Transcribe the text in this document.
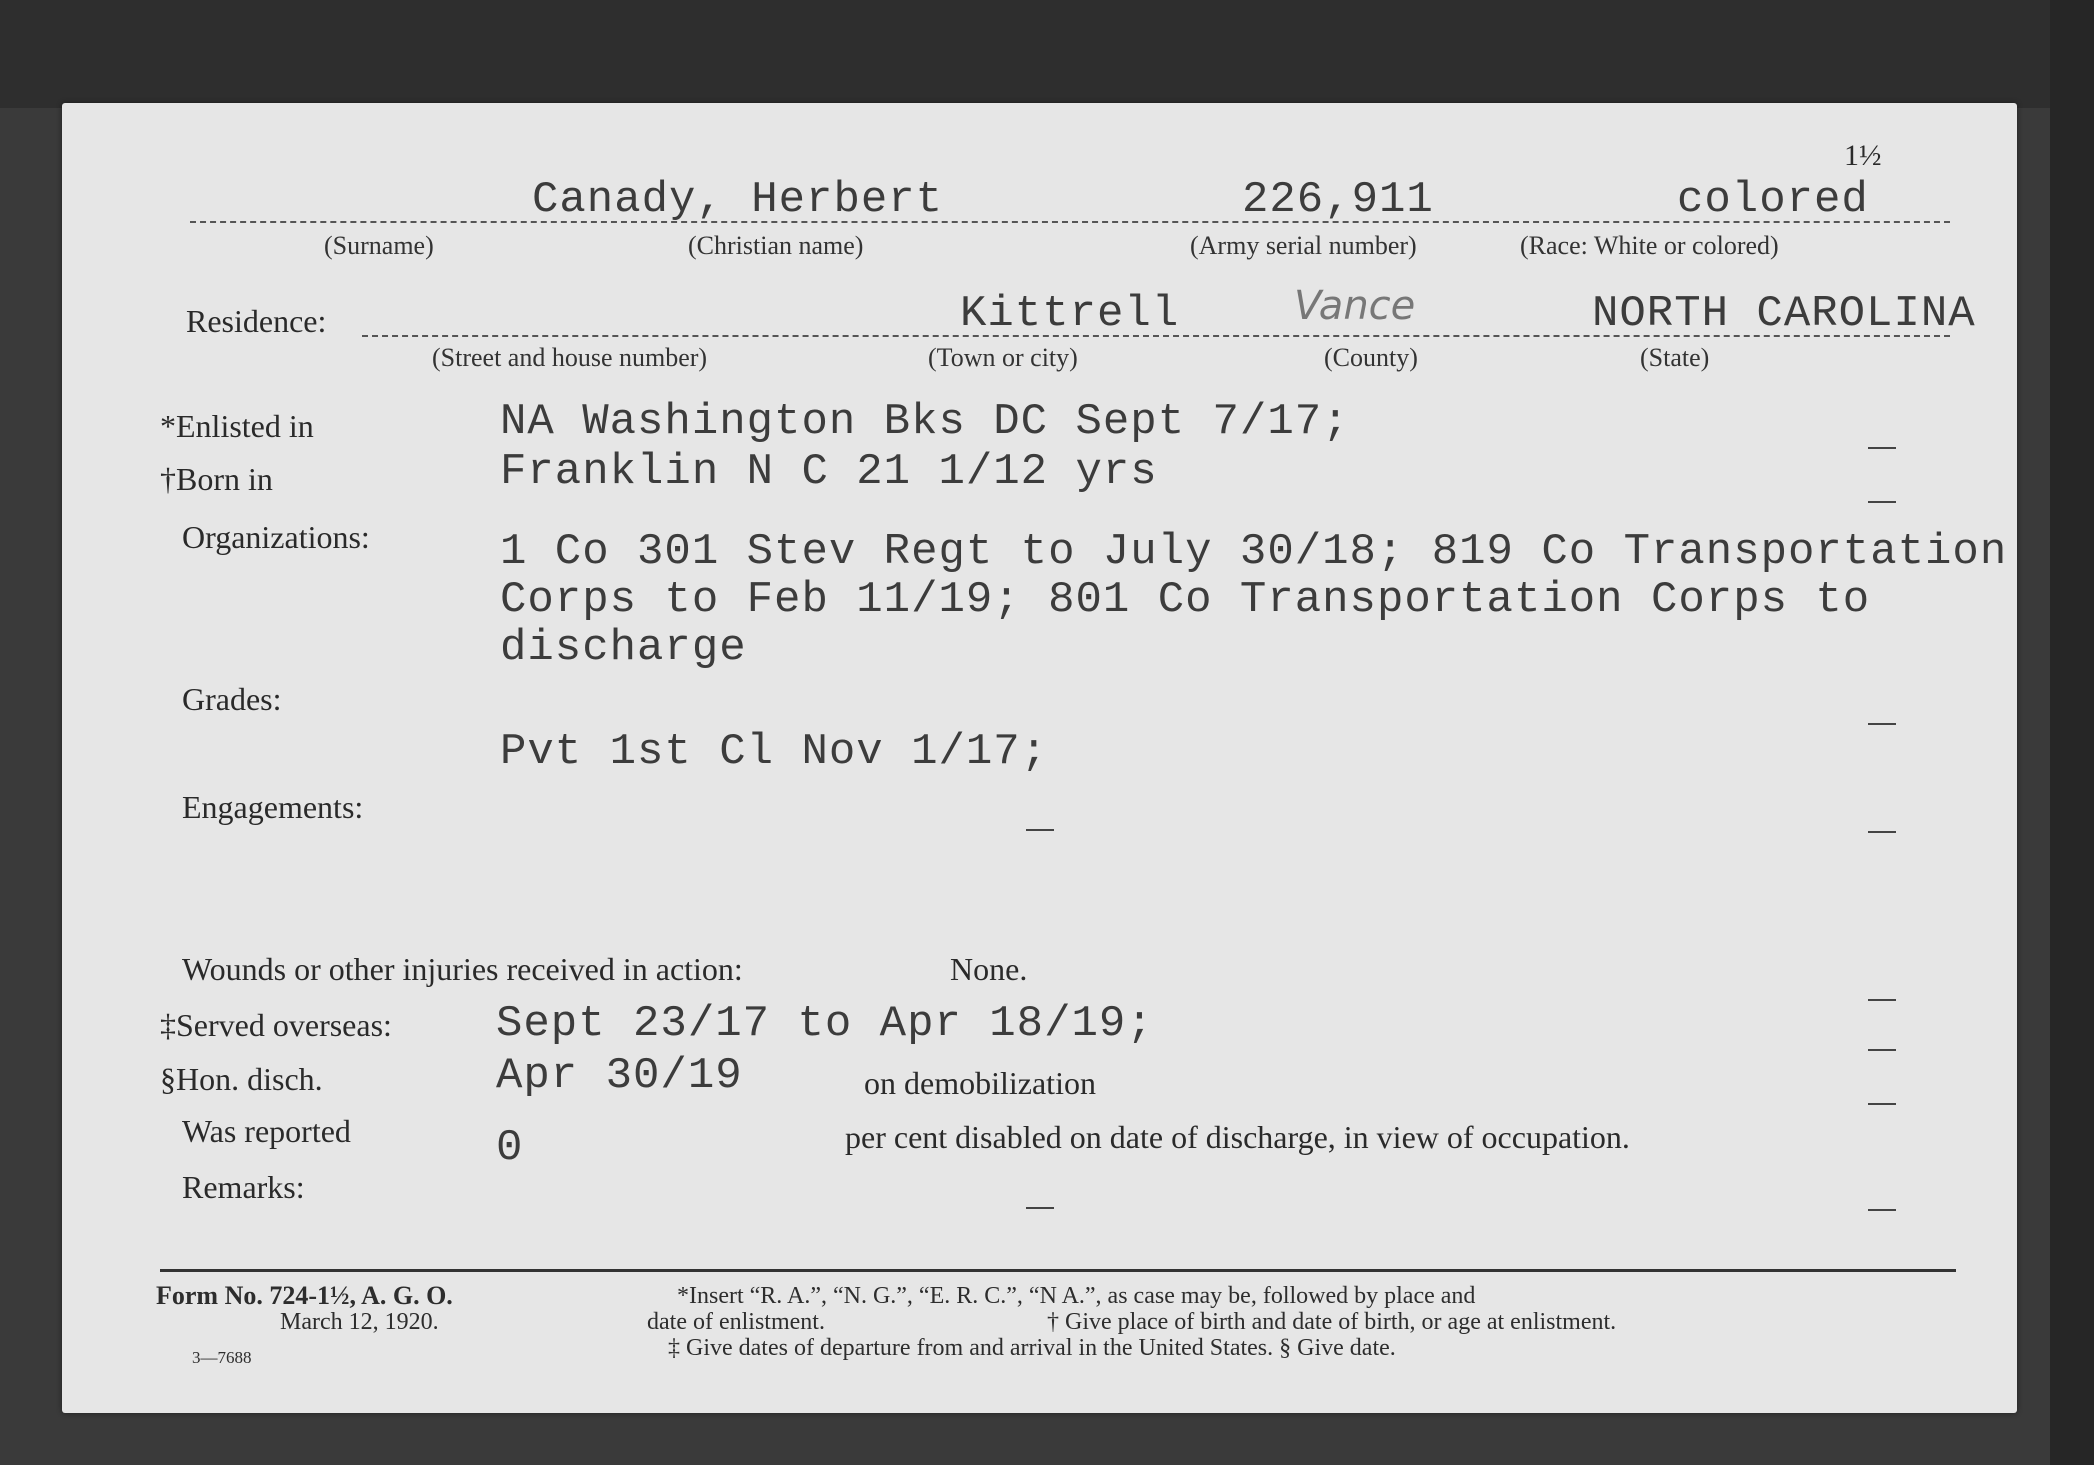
1½
Canady, Herbert	226,911	colored
(Surname)	(Christian name)	(Army serial number)	(Race: White or colored)
Residence:	Kittrell	Vance	NORTH CAROLINA
(Street and house number)	(Town or city)	(County)	(State)
*Enlisted in	NA Washington Bks DC Sept 7/17;
†Born in	Franklin N C 21 1/12 yrs
Organizations:	1 Co 301 Stev Regt to July 30/18; 819 Co Transportation
Corps to Feb 11/19; 801 Co Transportation Corps to
discharge
Grades:
Pvt 1st Cl Nov 1/17;
Engagements:
Wounds or other injuries received in action:	None.
‡Served overseas: Sept 23/17 to Apr 18/19;
§Hon. disch.	Apr 30/19	on demobilization
Was reported	0	per cent disabled on date of discharge, in view of occupation.
Remarks:
Form No. 724-1½, A. G. O.
March 12, 1920.
3—7688
*Insert “R. A.”, “N. G.”, “E. R. C.”, “N A.”, as case may be, followed by place and
date of enlistment.	† Give place of birth and date of birth, or age at enlistment.
‡ Give dates of departure from and arrival in the United States. § Give date.
